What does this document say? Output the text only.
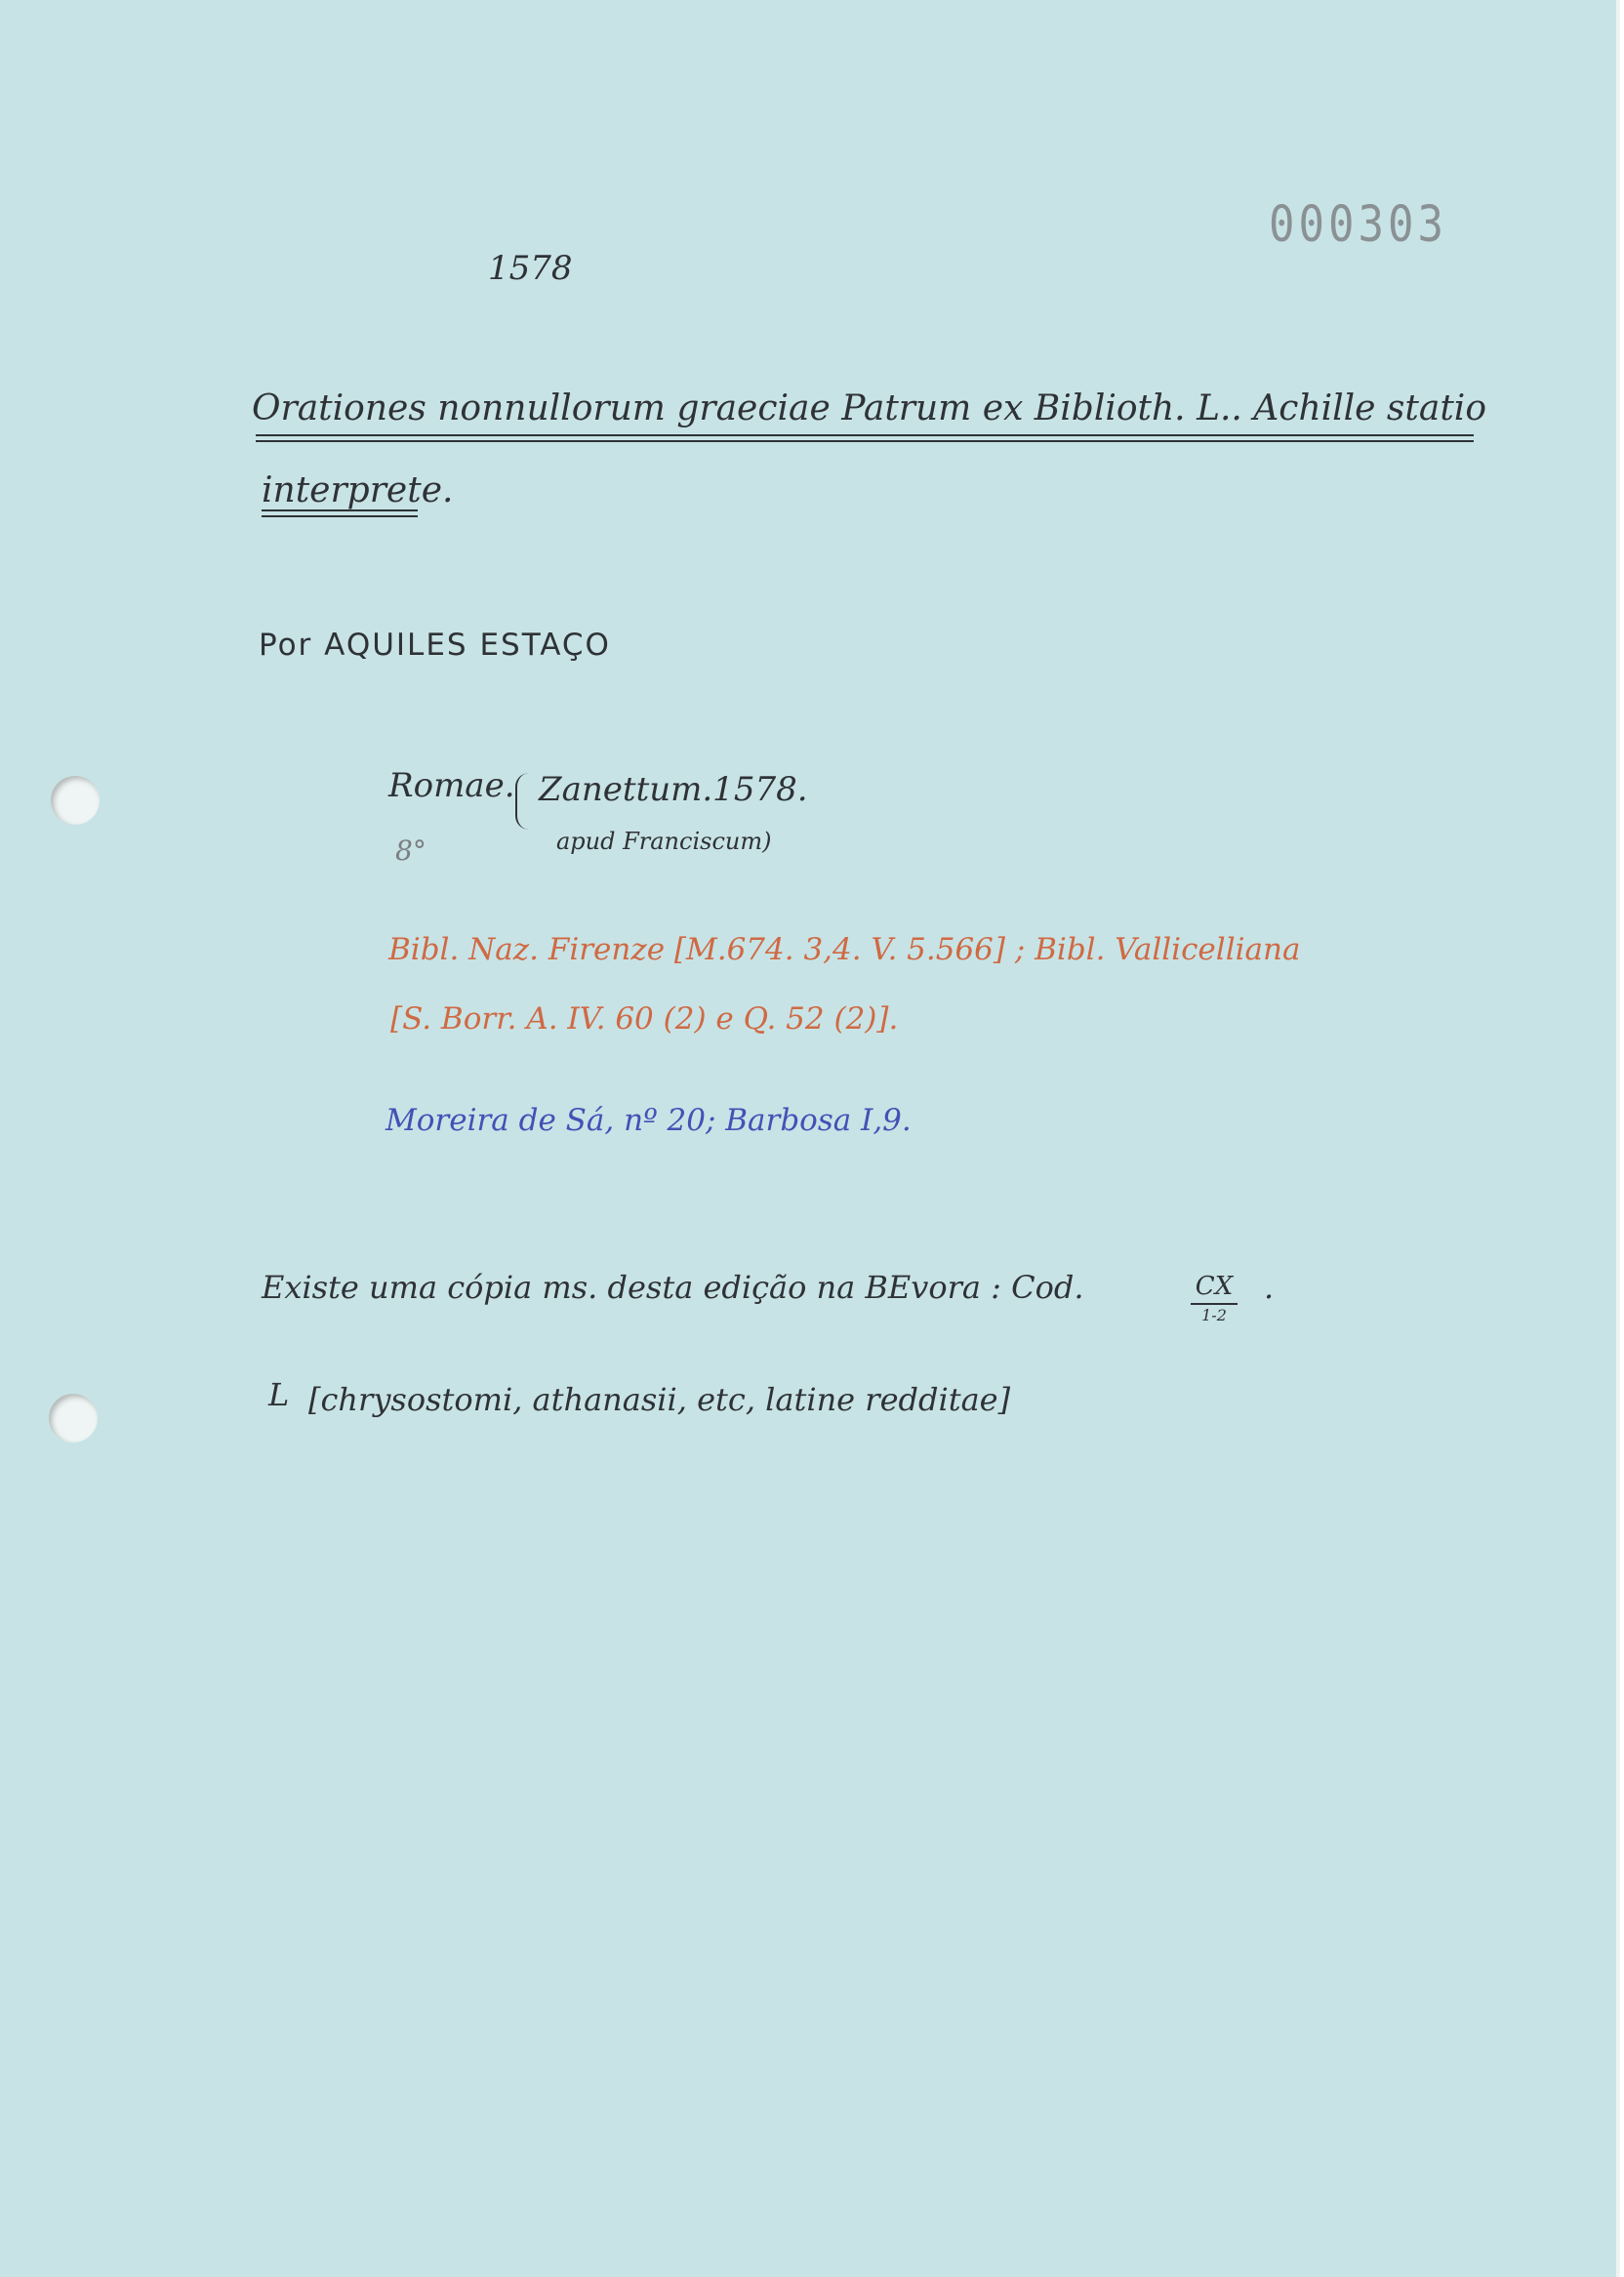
000303
1578
Orationes nonnullorum graeciae Patrum ex Biblioth. L.. Achille statio
interprete.
Por AQUILES ESTAÇO
Romae. Zanettum.1578.
apud Franciscum)
8°
Bibl. Naz. Firenze [M.674. 3,4. V. 5.566] ; Bibl. Vallicelliana
[S. Borr. A. IV. 60 (2) e Q. 52 (2)].
Moreira de Sá, nº 20; Barbosa I,9.
Existe uma cópia ms. desta edição na BEvora : Cod.	CX
1-2
.
L [chrysostomi, athanasii, etc, latine redditae]
